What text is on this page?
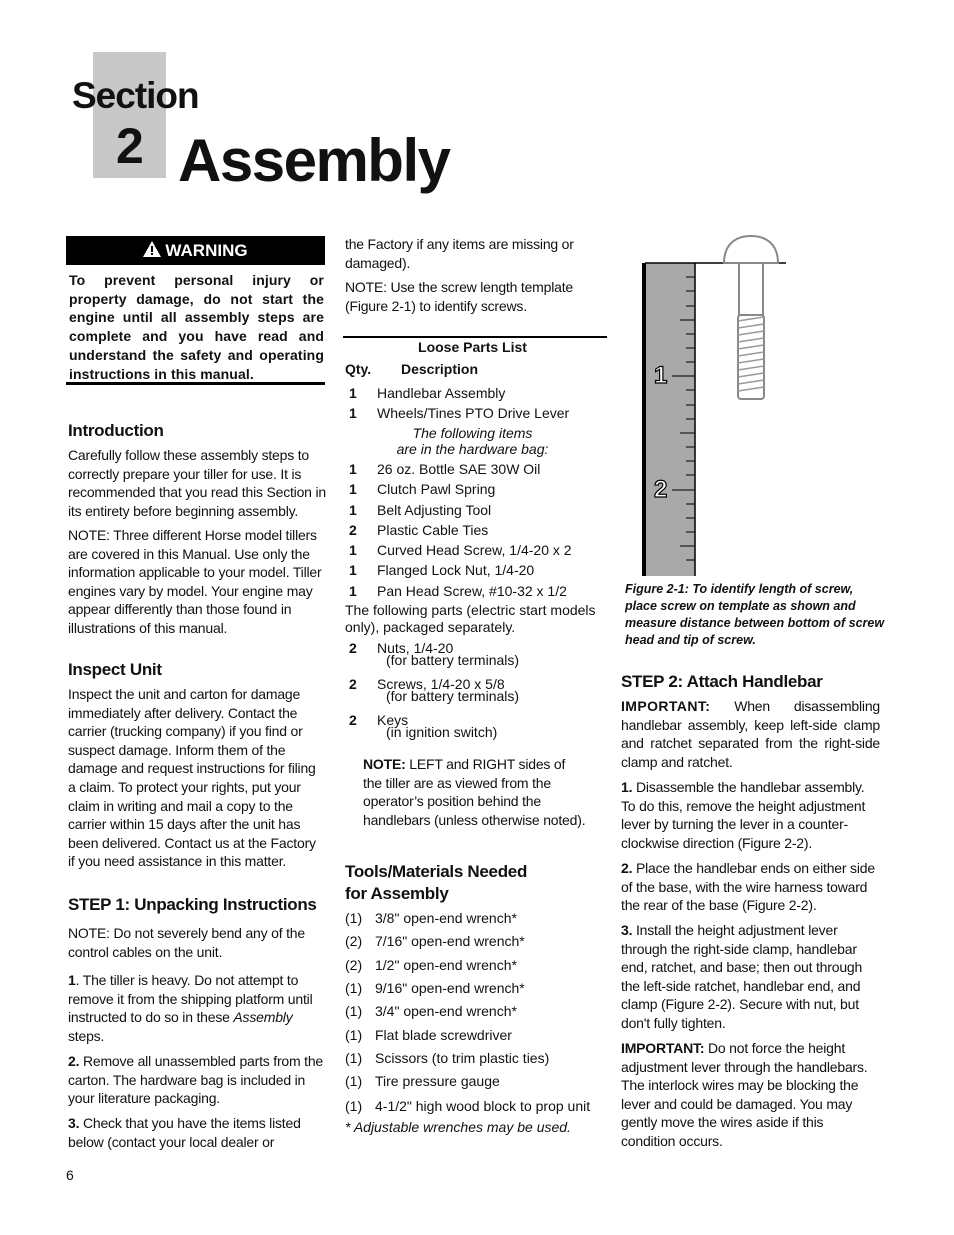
Section
2 Assembly
WARNING
To prevent personal injury or property damage, do not start the engine until all assembly steps are complete and you have read and understand the safety and operating instructions in this manual.
Introduction
Carefully follow these assembly steps to correctly prepare your tiller for use. It is recommended that you read this Section in its entirety before beginning assembly.
NOTE: Three different Horse model tillers are covered in this Manual. Use only the information applicable to your model. Tiller engines vary by model. Your engine may appear differently than those found in illustrations of this manual.
Inspect Unit
Inspect the unit and carton for damage immediately after delivery. Contact the carrier (trucking company) if you find or suspect damage. Inform them of the damage and request instructions for filing a claim. To protect your rights, put your claim in writing and mail a copy to the carrier within 15 days after the unit has been delivered. Contact us at the Factory if you need assistance in this matter.
STEP 1: Unpacking Instructions
NOTE: Do not severely bend any of the control cables on the unit.
1. The tiller is heavy. Do not attempt to remove it from the shipping platform until instructed to do so in these Assembly steps.
2. Remove all unassembled parts from the carton. The hardware bag is included in your literature packaging.
3. Check that you have the items listed below (contact your local dealer or
6
the Factory if any items are missing or damaged).
NOTE: Use the screw length template (Figure 2-1) to identify screws.
Loose Parts List
Qty. Description
1	Handlebar Assembly
1	Wheels/Tines PTO Drive Lever
The following items
are in the hardware bag:
1	26 oz. Bottle SAE 30W Oil
1	Clutch Pawl Spring
1	Belt Adjusting Tool
2	Plastic Cable Ties
1	Curved Head Screw, 1/4-20 x 2
1	Flanged Lock Nut, 1/4-20
1	Pan Head Screw, #10-32 x 1/2
The following parts (electric start models only), packaged separately.
2	Nuts, 1/4-20
(for battery terminals)
2	Screws, 1/4-20 x 5/8
(for battery terminals)
2	Keys
(in ignition switch)
NOTE: LEFT and RIGHT sides of the tiller are as viewed from the operator’s position behind the handlebars (unless otherwise noted).
Tools/Materials Needed
for Assembly
(1) 3/8" open-end wrench*
(2) 7/16" open-end wrench*
(2) 1/2" open-end wrench*
(1) 9/16" open-end wrench*
(1) 3/4" open-end wrench*
(1) Flat blade screwdriver
(1) Scissors (to trim plastic ties)
(1) Tire pressure gauge
(1) 4-1/2" high wood block to prop unit
* Adjustable wrenches may be used.
1
2
Figure 2-1: To identify length of screw, place screw on template as shown and measure distance between bottom of screw head and tip of screw.
STEP 2: Attach Handlebar
IMPORTANT: When disassembling handlebar assembly, keep left-side clamp and ratchet separated from the right-side clamp and ratchet.
1. Disassemble the handlebar assembly. To do this, remove the height adjustment lever by turning the lever in a counter-clockwise direction (Figure 2-2).
2. Place the handlebar ends on either side of the base, with the wire harness toward the rear of the base (Figure 2-2).
3. Install the height adjustment lever through the right-side clamp, handlebar end, ratchet, and base; then out through the left-side ratchet, handlebar end, and clamp (Figure 2-2). Secure with nut, but don't fully tighten.
IMPORTANT: Do not force the height adjustment lever through the handlebars. The interlock wires may be blocking the lever and could be damaged. You may gently move the wires aside if this condition occurs.
